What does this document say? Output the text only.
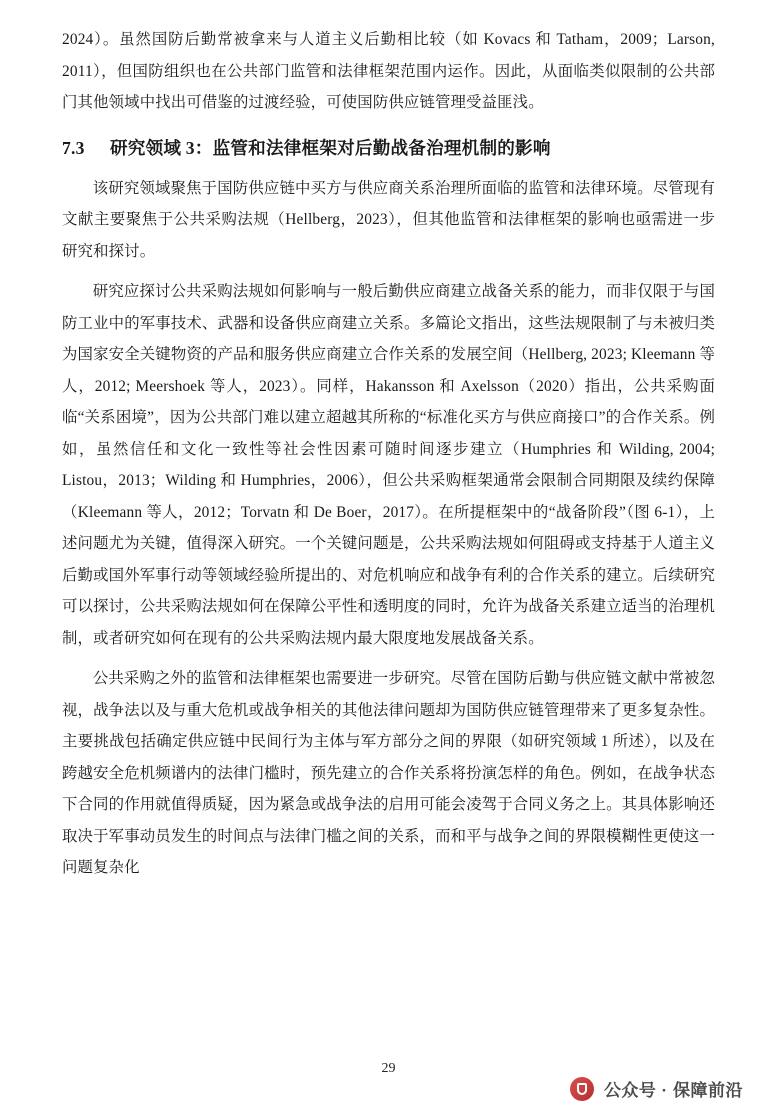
2024）。虽然国防后勤常被拿来与人道主义后勤相比较（如 Kovacs 和 Tatham，2009；Larson, 2011），但国防组织也在公共部门监管和法律框架范围内运作。因此，从面临类似限制的公共部门其他领域中找出可借鉴的过渡经验，可使国防供应链管理受益匪浅。

7.3 研究领域 3：监管和法律框架对后勤战备治理机制的影响

该研究领域聚焦于国防供应链中买方与供应商关系治理所面临的监管和法律环境。尽管现有文献主要聚焦于公共采购法规（Hellberg，2023），但其他监管和法律框架的影响也亟需进一步研究和探讨。

研究应探讨公共采购法规如何影响与一般后勤供应商建立战备关系的能力，而非仅限于与国防工业中的军事技术、武器和设备供应商建立关系。多篇论文指出，这些法规限制了与未被归类为国家安全关键物资的产品和服务供应商建立合作关系的发展空间（Hellberg, 2023; Kleemann 等人，2012; Meershoek 等人，2023）。同样，Hakansson 和 Axelsson（2020）指出，公共采购面临“关系困境”，因为公共部门难以建立超越其所称的“标准化买方与供应商接口”的合作关系。例如，虽然信任和文化一致性等社会性因素可随时间逐步建立（Humphries 和 Wilding, 2004; Listou，2013；Wilding 和 Humphries，2006），但公共采购框架通常会限制合同期限及续约保障（Kleemann 等人，2012；Torvatn 和 De Boer，2017）。在所提框架中的“战备阶段”（图 6-1），上述问题尤为关键，值得深入研究。一个关键问题是，公共采购法规如何阻碍或支持基于人道主义后勤或国外军事行动等领域经验所提出的、对危机响应和战争有利的合作关系的建立。后续研究可以探讨，公共采购法规如何在保障公平性和透明度的同时，允许为战备关系建立适当的治理机制，或者研究如何在现有的公共采购法规内最大限度地发展战备关系。

公共采购之外的监管和法律框架也需要进一步研究。尽管在国防后勤与供应链文献中常被忽视，战争法以及与重大危机或战争相关的其他法律问题却为国防供应链管理带来了更多复杂性。主要挑战包括确定供应链中民间行为主体与军方部分之间的界限（如研究领域 1 所述），以及在跨越安全危机频谱内的法律门槛时，预先建立的合作关系将扮演怎样的角色。例如，在战争状态下合同的作用就值得质疑，因为紧急或战争法的启用可能会凌驾于合同义务之上。其具体影响还取决于军事动员发生的时间点与法律门槛之间的关系，而和平与战争之间的界限模糊性更使这一问题复杂化

29
公众号 · 保障前沿
